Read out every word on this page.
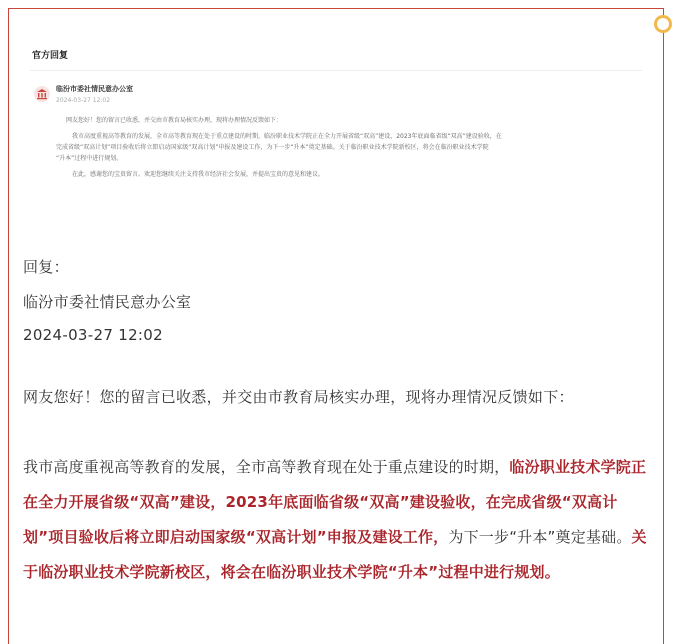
官方回复
临汾市委社情民意办公室
2024-03-27 12:02
网友您好！您的留言已收悉，并交由市教育局核实办理，现将办理情况反馈如下：
我市高度重视高等教育的发展，全市高等教育现在处于重点建设的时期，临汾职业技术学院正在全力开展省级“双高”建设，2023年底面临省级“双高”建设验收，在
完成省级“双高计划”项目验收后将立即启动国家级“双高计划”申报及建设工作，为下一步“升本”奠定基础。关于临汾职业技术学院新校区，将会在临汾职业技术学院
“升本”过程中进行规划。
在此，感谢您的宝贵留言。欢迎您继续关注支持我市经济社会发展，并提出宝贵的意见和建议。
回复：
临汾市委社情民意办公室
2024-03-27 12:02
网友您好！您的留言已收悉，并交由市教育局核实办理，现将办理情况反馈如下：
我市高度重视高等教育的发展，全市高等教育现在处于重点建设的时期，临汾职业技术学院正在全力开展省级“双高”建设，2023年底面临省级“双高”建设验收，在完成省级“双高计划”项目验收后将立即启动国家级“双高计划”申报及建设工作，为下一步“升本”奠定基础。关于临汾职业技术学院新校区，将会在临汾职业技术学院“升本”过程中进行规划。
